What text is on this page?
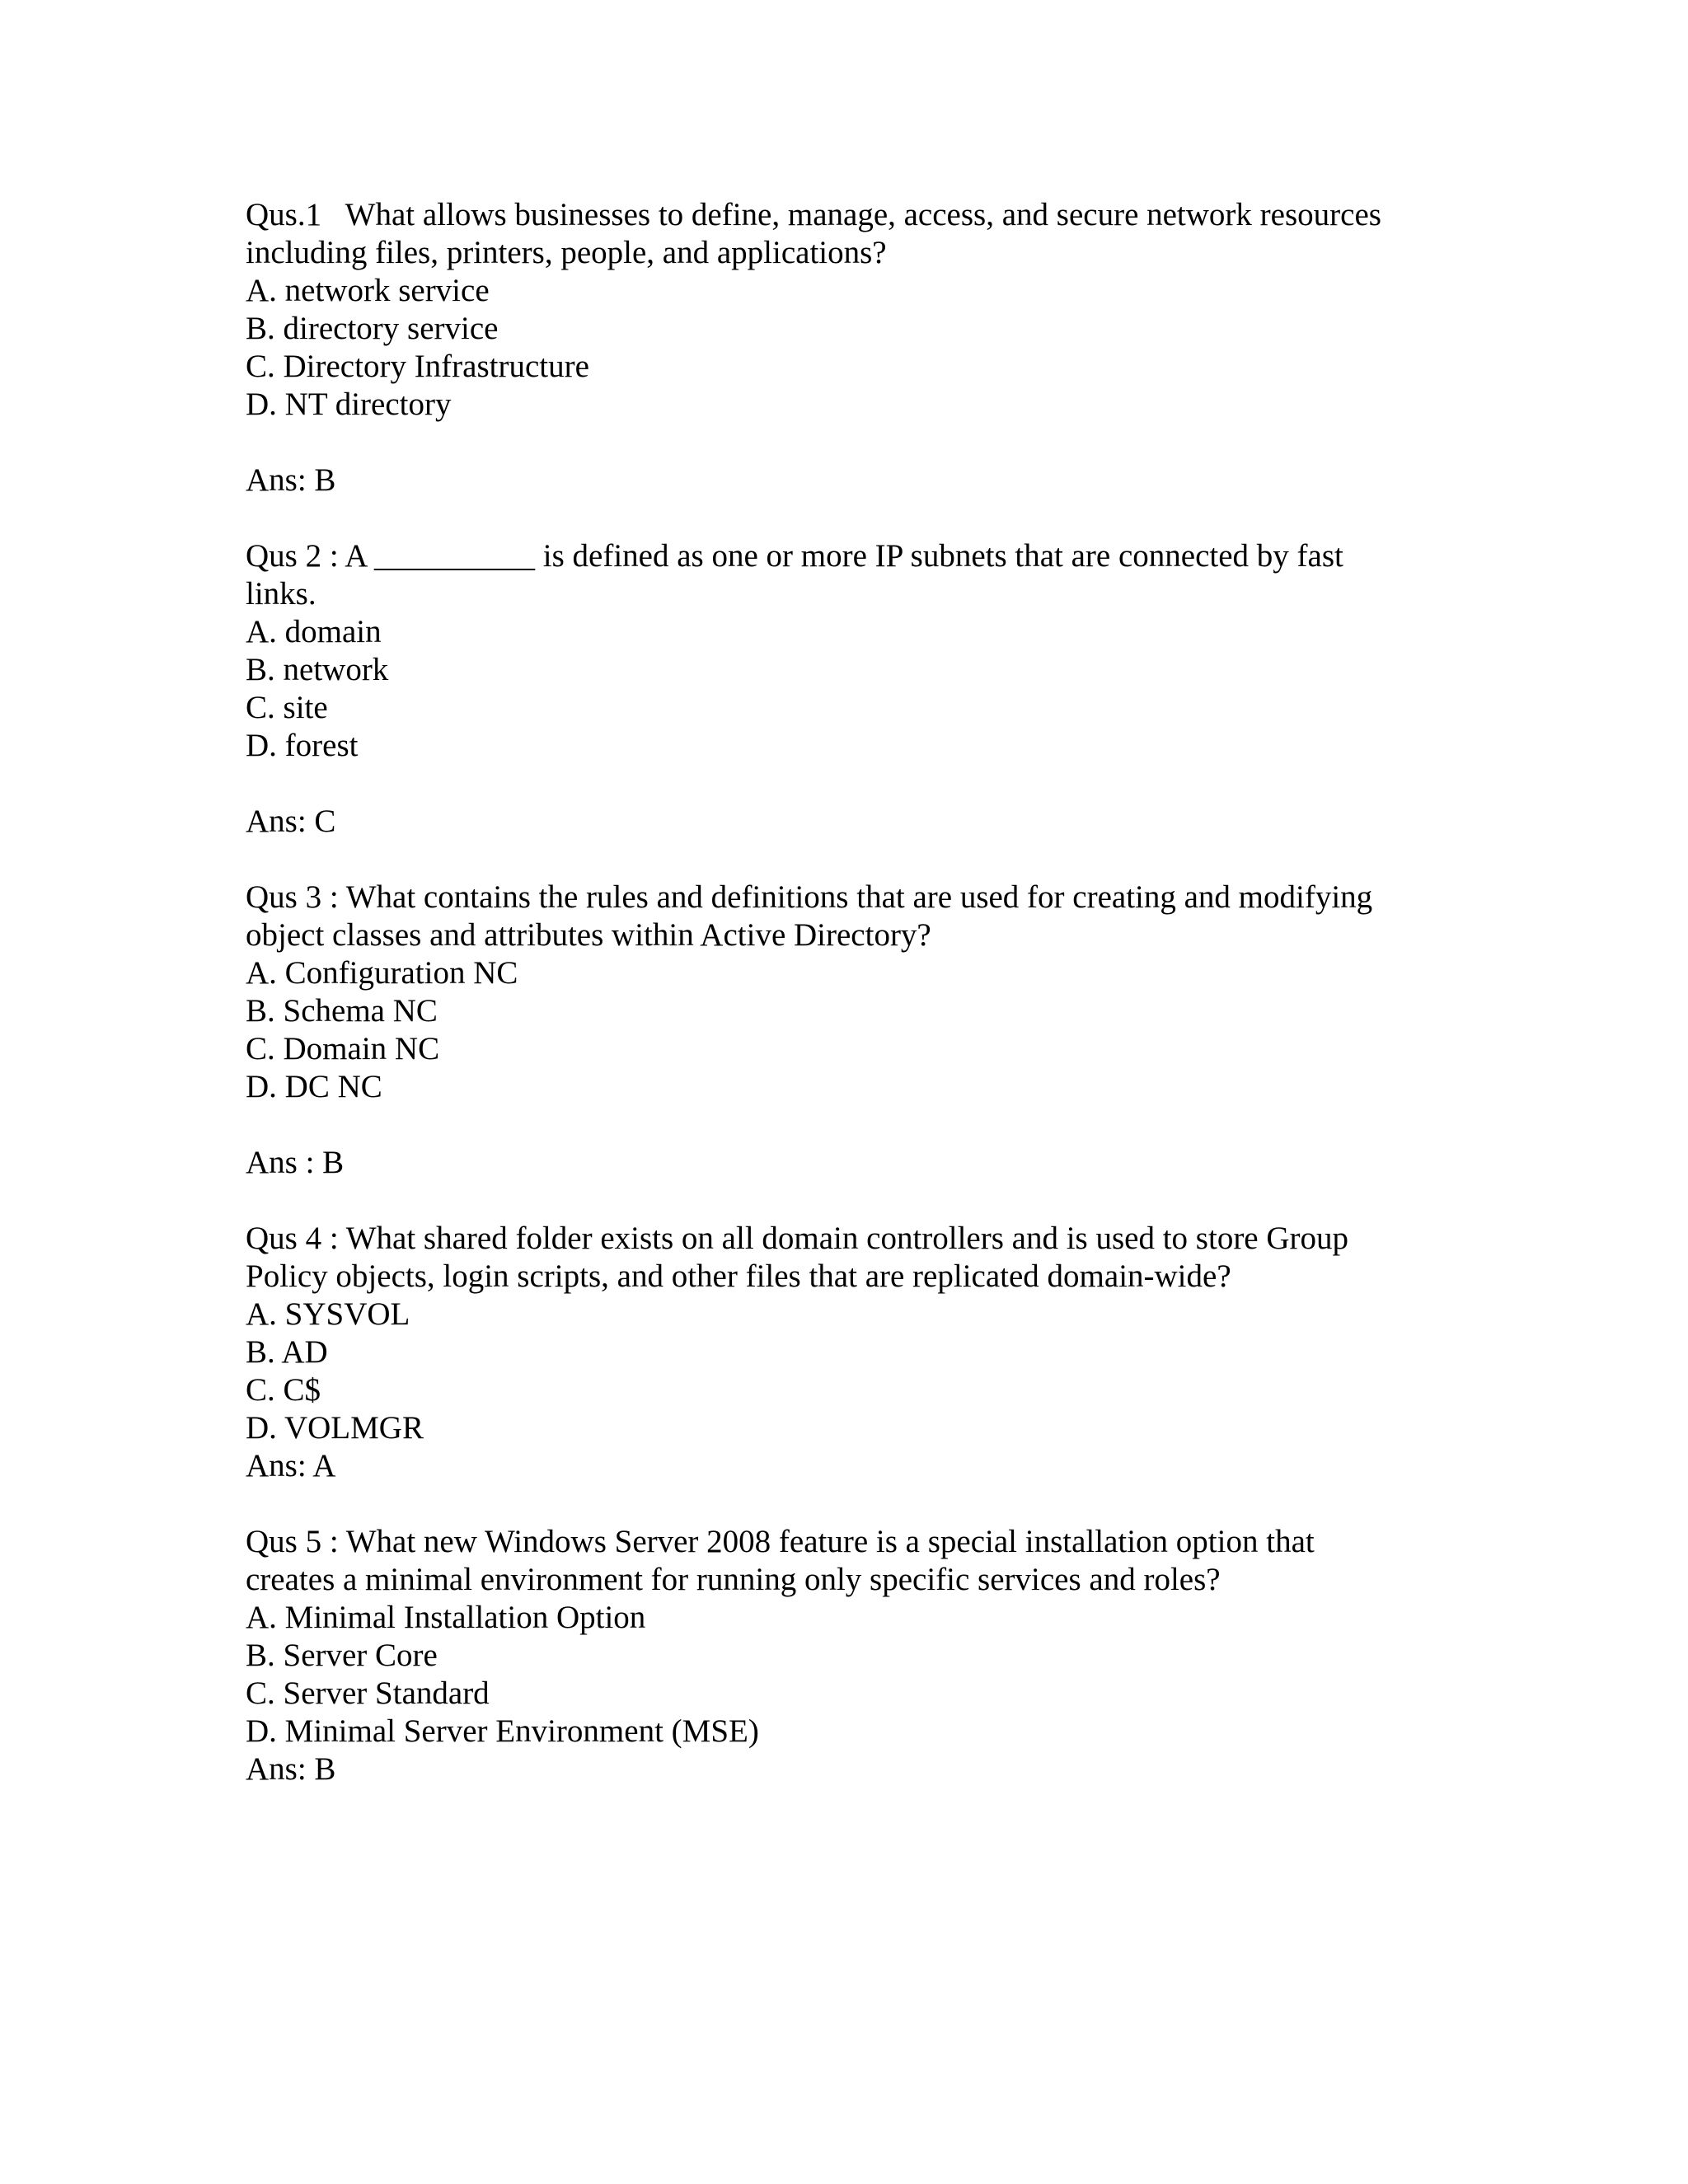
Qus.1   What allows businesses to define, manage, access, and secure network resources
including files, printers, people, and applications?
A. network service
B. directory service
C. Directory Infrastructure
D. NT directory
Ans: B
Qus 2 : A __________ is defined as one or more IP subnets that are connected by fast
links.
A. domain
B. network
C. site
D. forest
Ans: C
Qus 3 : What contains the rules and definitions that are used for creating and modifying
object classes and attributes within Active Directory?
A. Configuration NC
B. Schema NC
C. Domain NC
D. DC NC
Ans : B
Qus 4 : What shared folder exists on all domain controllers and is used to store Group
Policy objects, login scripts, and other files that are replicated domain-wide?
A. SYSVOL
B. AD
C. C$
D. VOLMGR
Ans: A
Qus 5 : What new Windows Server 2008 feature is a special installation option that
creates a minimal environment for running only specific services and roles?
A. Minimal Installation Option
B. Server Core
C. Server Standard
D. Minimal Server Environment (MSE)
Ans: B
